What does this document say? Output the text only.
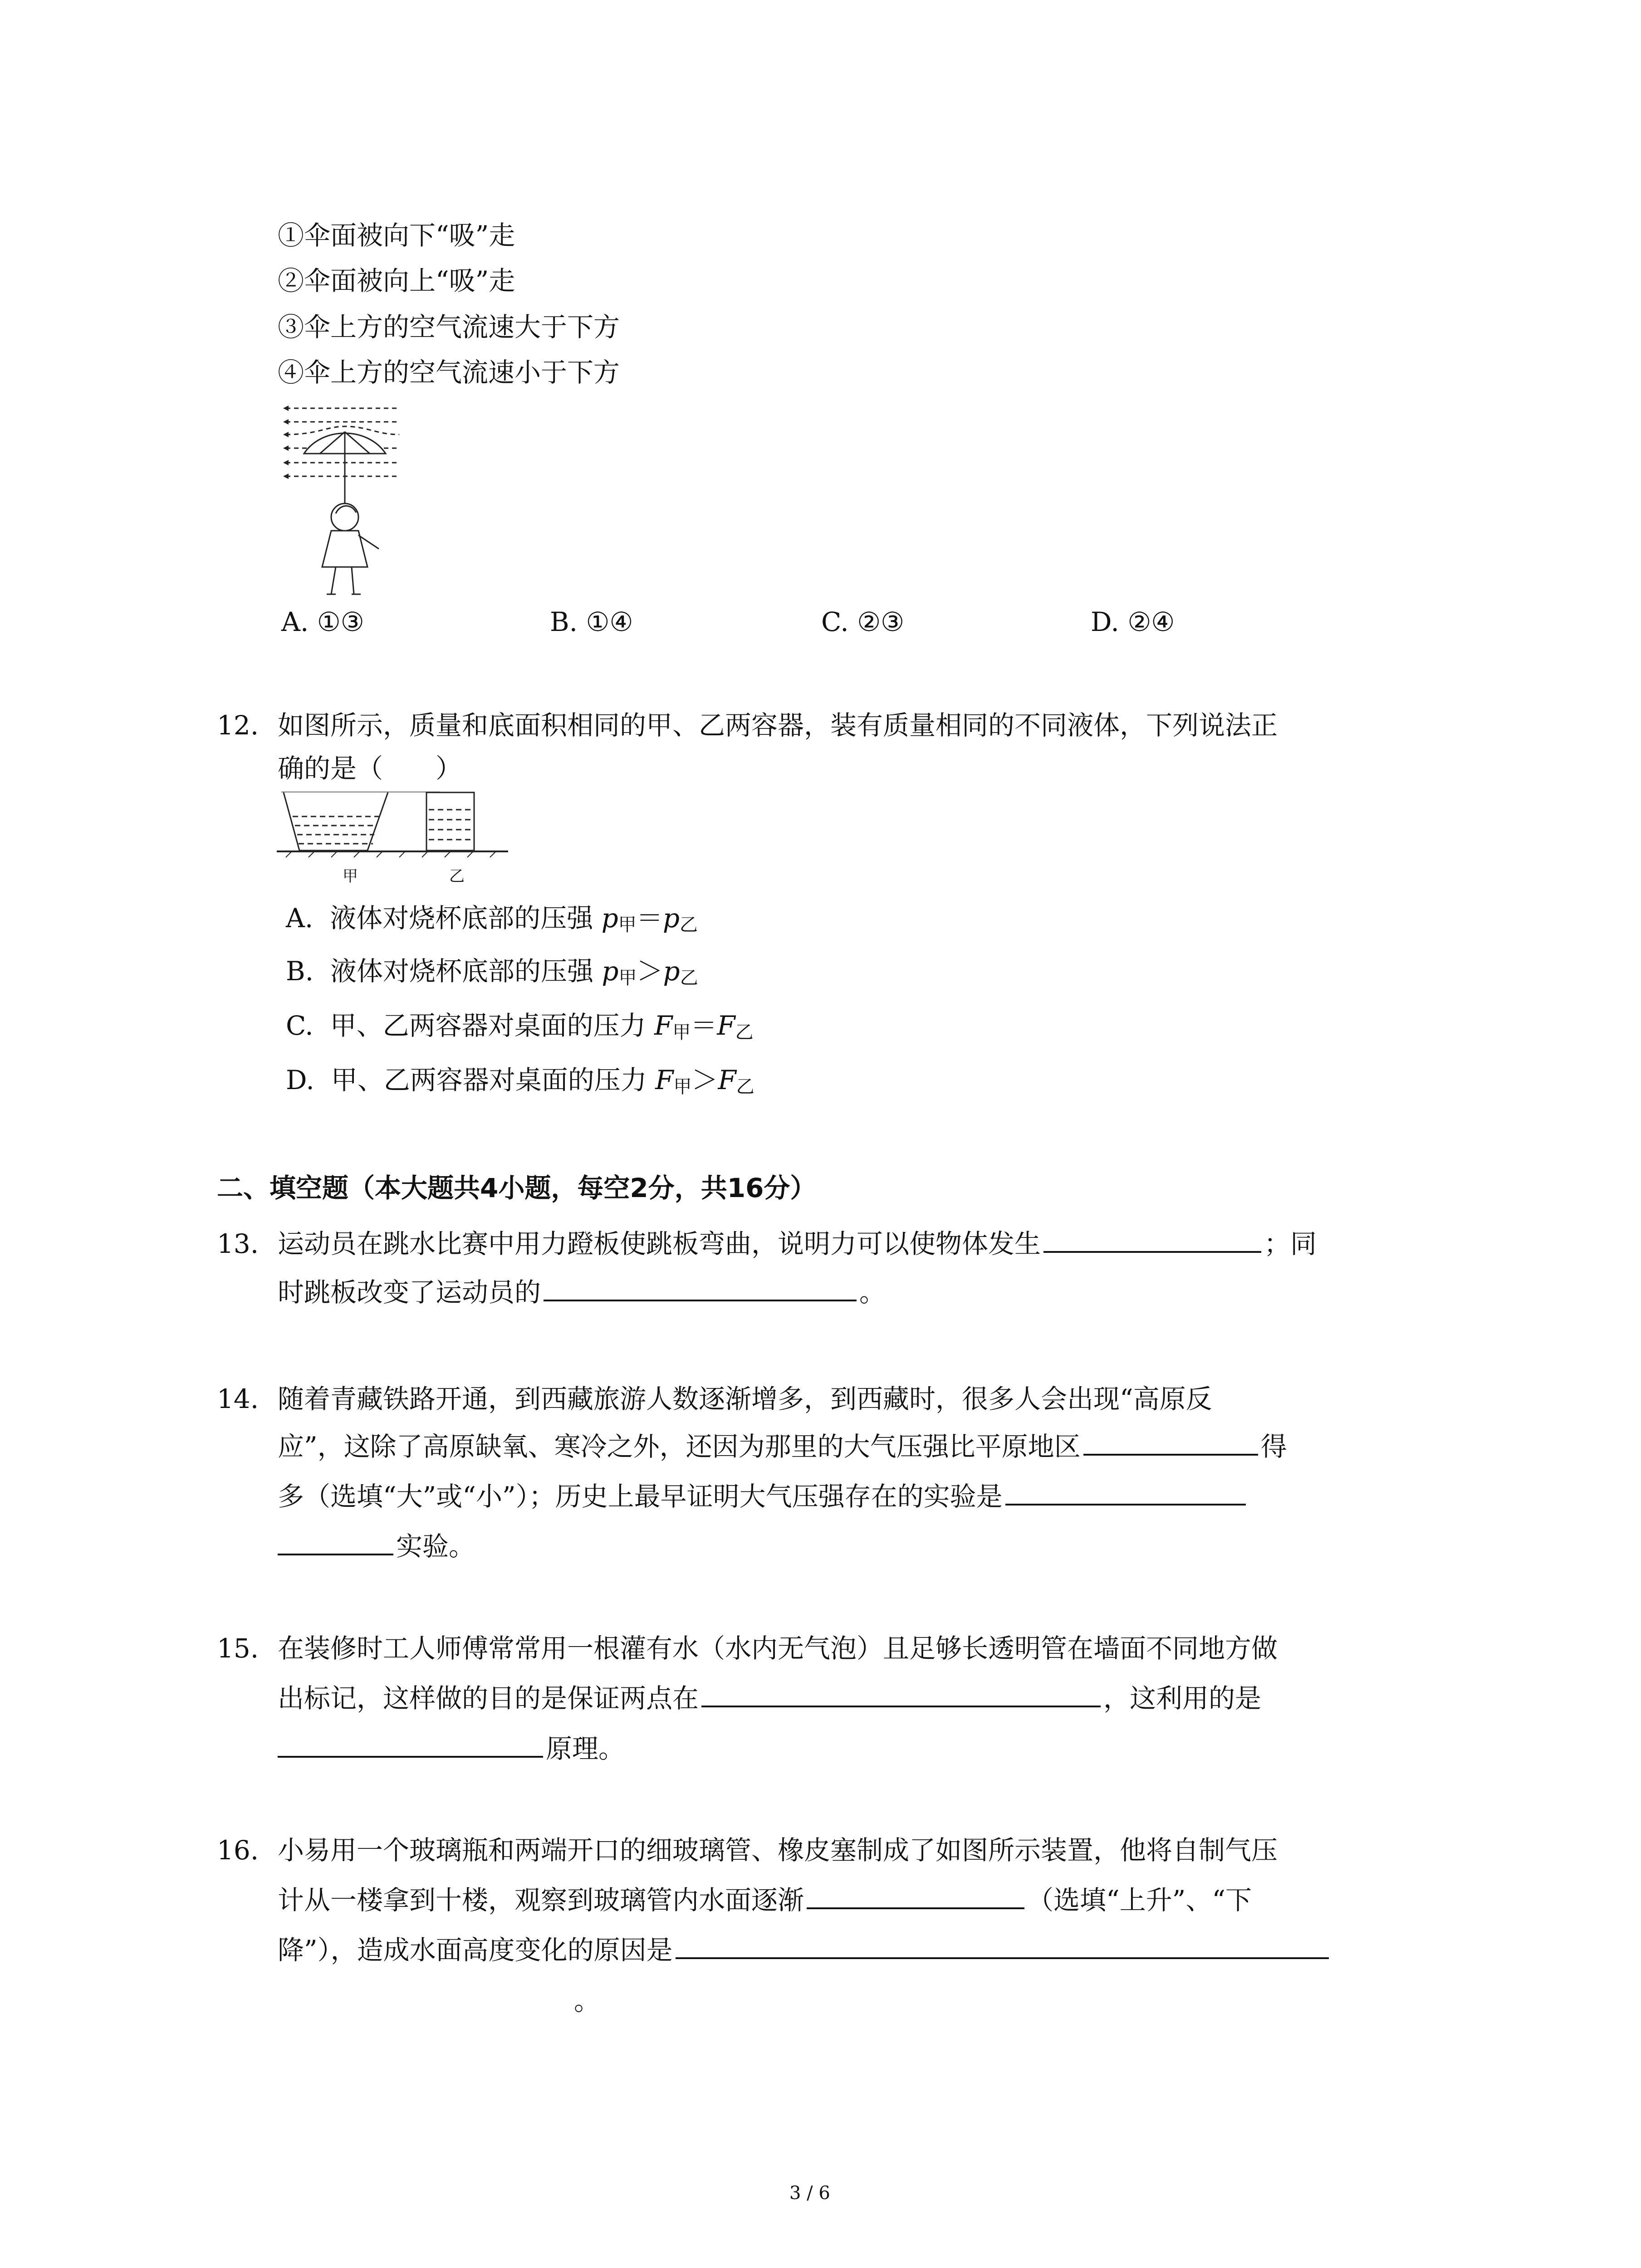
①伞面被向下“吸”走
②伞面被向上“吸”走
③伞上方的空气流速大于下方
④伞上方的空气流速小于下方
A. ①③	B. ①④	C. ②③	D. ②④
12. 如图所示，质量和底面积相同的甲、乙两容器，装有质量相同的不同液体，下列说法正
确的是（　　）
甲	乙
A. 液体对烧杯底部的压强 $p_甲=p_乙$
B. 液体对烧杯底部的压强 $p_甲>p_乙$
C. 甲、乙两容器对桌面的压力 $F_甲=F_乙$
D. 甲、乙两容器对桌面的压力 $F_甲>F_乙$
二、填空题（本大题共4小题，每空2分，共16分）
13. 运动员在跳水比赛中用力蹬板使跳板弯曲，说明力可以使物体发生	；同
时跳板改变了运动员的	。
14. 随着青藏铁路开通，到西藏旅游人数逐渐增多，到西藏时，很多人会出现“高原反
应”，这除了高原缺氧、寒冷之外，还因为那里的大气压强比平原地区	得
多（选填“大”或“小”）；历史上最早证明大气压强存在的实验是
实验。
15. 在装修时工人师傅常常用一根灌有水（水内无气泡）且足够长透明管在墙面不同地方做
出标记，这样做的目的是保证两点在	，这利用的是
原理。
16. 小易用一个玻璃瓶和两端开口的细玻璃管、橡皮塞制成了如图所示装置，他将自制气压
计从一楼拿到十楼，观察到玻璃管内水面逐渐	（选填“上升”、“下
降”），造成水面高度变化的原因是
。
3 / 6
